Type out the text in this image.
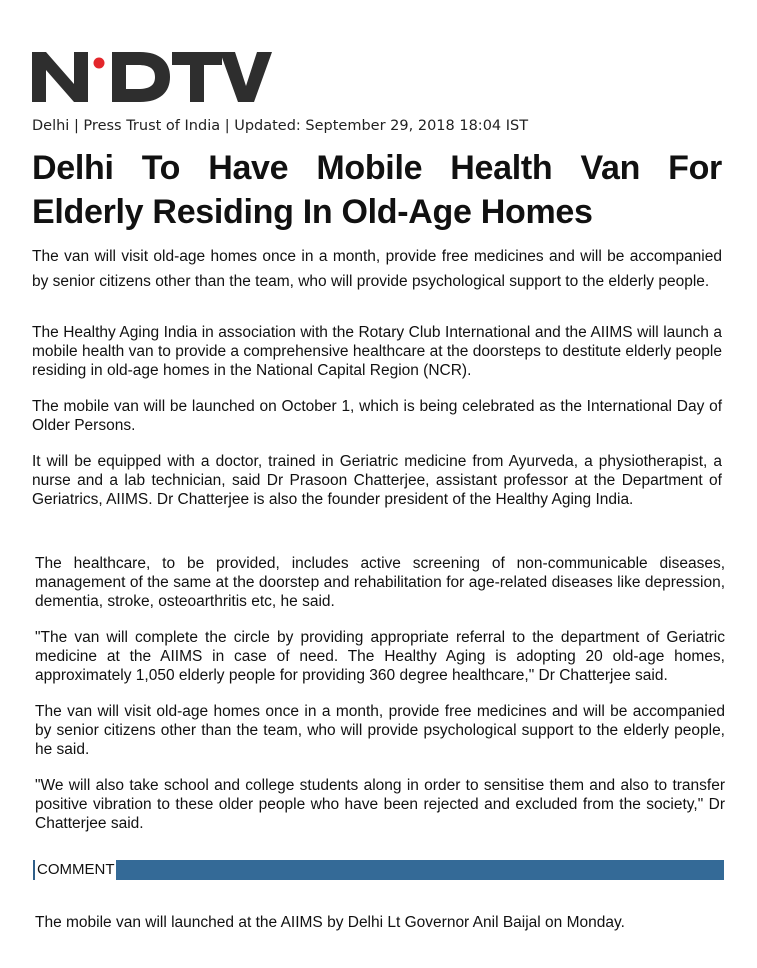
Delhi | Press Trust of India | Updated: September 29, 2018 18:04 IST
Delhi To Have Mobile Health Van For Elderly Residing In Old-Age Homes

The van will visit old-age homes once in a month, provide free medicines and will be accompanied by senior citizens other than the team, who will provide psychological support to the elderly people.

The Healthy Aging India in association with the Rotary Club International and the AIIMS will launch a mobile health van to provide a comprehensive healthcare at the doorsteps to destitute elderly people residing in old-age homes in the National Capital Region (NCR).

The mobile van will be launched on October 1, which is being celebrated as the International Day of Older Persons.

It will be equipped with a doctor, trained in Geriatric medicine from Ayurveda, a physiotherapist, a nurse and a lab technician, said Dr Prasoon Chatterjee, assistant professor at the Department of Geriatrics, AIIMS. Dr Chatterjee is also the founder president of the Healthy Aging India.

The healthcare, to be provided, includes active screening of non-communicable diseases, management of the same at the doorstep and rehabilitation for age-related diseases like depression, dementia, stroke, osteoarthritis etc, he said.

"The van will complete the circle by providing appropriate referral to the department of Geriatric medicine at the AIIMS in case of need. The Healthy Aging is adopting 20 old-age homes, approximately 1,050 elderly people for providing 360 degree healthcare," Dr Chatterjee said.

The van will visit old-age homes once in a month, provide free medicines and will be accompanied by senior citizens other than the team, who will provide psychological support to the elderly people, he said.

"We will also take school and college students along in order to sensitise them and also to transfer positive vibration to these older people who have been rejected and excluded from the society," Dr Chatterjee said.

COMMENT

The mobile van will launched at the AIIMS by Delhi Lt Governor Anil Baijal on Monday.
